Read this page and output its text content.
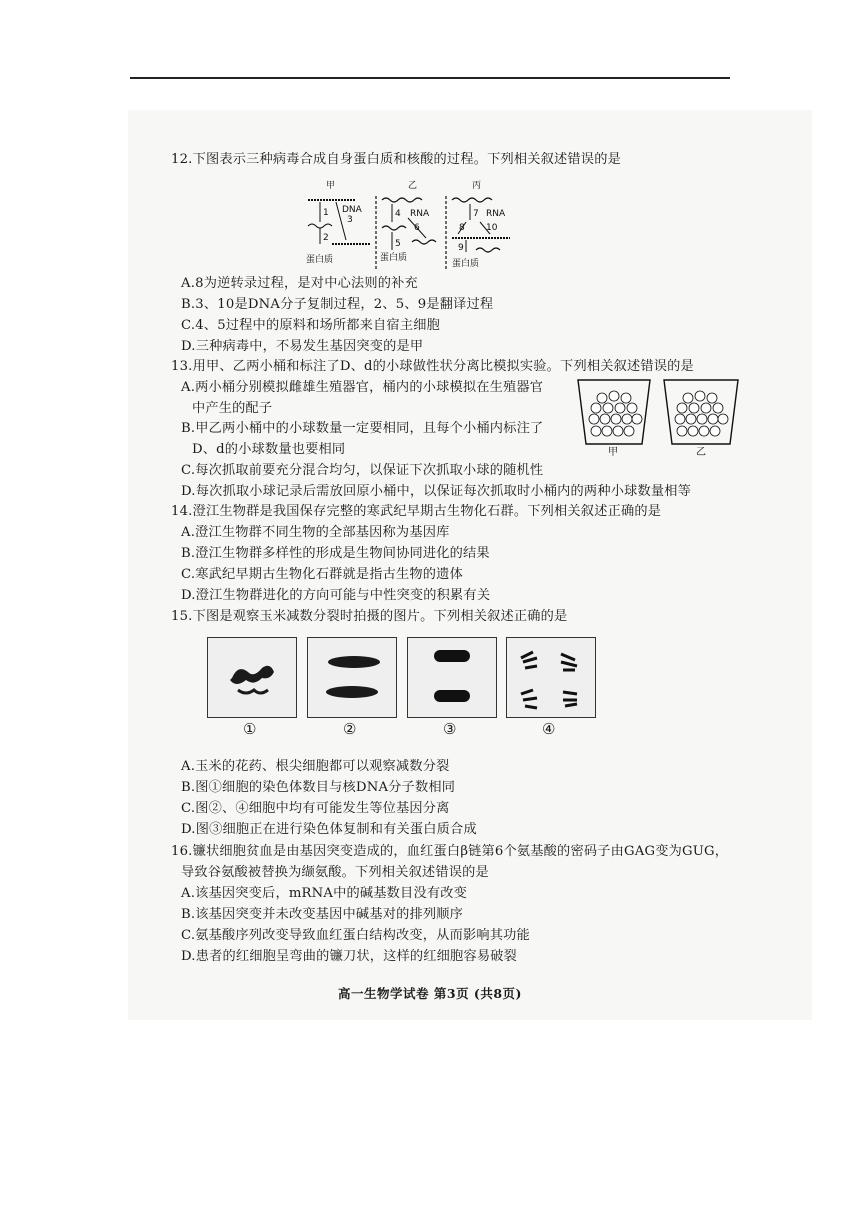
12.下图表示三种病毒合成自身蛋白质和核酸的过程。下列相关叙述错误的是
甲
1 DNA
3
2
蛋白质
乙
4 RNA
6
5
蛋白质
丙
7 RNA
8 10
9
蛋白质
A.8为逆转录过程，是对中心法则的补充
B.3、10是DNA分子复制过程，2、5、9是翻译过程
C.4、5过程中的原料和场所都来自宿主细胞
D.三种病毒中，不易发生基因突变的是甲
13.用甲、乙两小桶和标注了D、d的小球做性状分离比模拟实验。下列相关叙述错误的是
A.两小桶分别模拟雌雄生殖器官，桶内的小球模拟在生殖器官
中产生的配子
B.甲乙两小桶中的小球数量一定要相同，且每个小桶内标注了
D、d的小球数量也要相同
C.每次抓取前要充分混合均匀，以保证下次抓取小球的随机性
D.每次抓取小球记录后需放回原小桶中，以保证每次抓取时小桶内的两种小球数量相等
甲	乙
14.澄江生物群是我国保存完整的寒武纪早期古生物化石群。下列相关叙述正确的是
A.澄江生物群不同生物的全部基因称为基因库
B.澄江生物群多样性的形成是生物间协同进化的结果
C.寒武纪早期古生物化石群就是指古生物的遗体
D.澄江生物群进化的方向可能与中性突变的积累有关
15.下图是观察玉米减数分裂时拍摄的图片。下列相关叙述正确的是
①	②	③	④
A.玉米的花药、根尖细胞都可以观察减数分裂
B.图①细胞的染色体数目与核DNA分子数相同
C.图②、④细胞中均有可能发生等位基因分离
D.图③细胞正在进行染色体复制和有关蛋白质合成
16.镰状细胞贫血是由基因突变造成的，血红蛋白β链第6个氨基酸的密码子由GAG变为GUG，
导致谷氨酸被替换为缬氨酸。下列相关叙述错误的是
A.该基因突变后，mRNA中的碱基数目没有改变
B.该基因突变并未改变基因中碱基对的排列顺序
C.氨基酸序列改变导致血红蛋白结构改变，从而影响其功能
D.患者的红细胞呈弯曲的镰刀状，这样的红细胞容易破裂
高一生物学试卷 第3页 (共8页)
